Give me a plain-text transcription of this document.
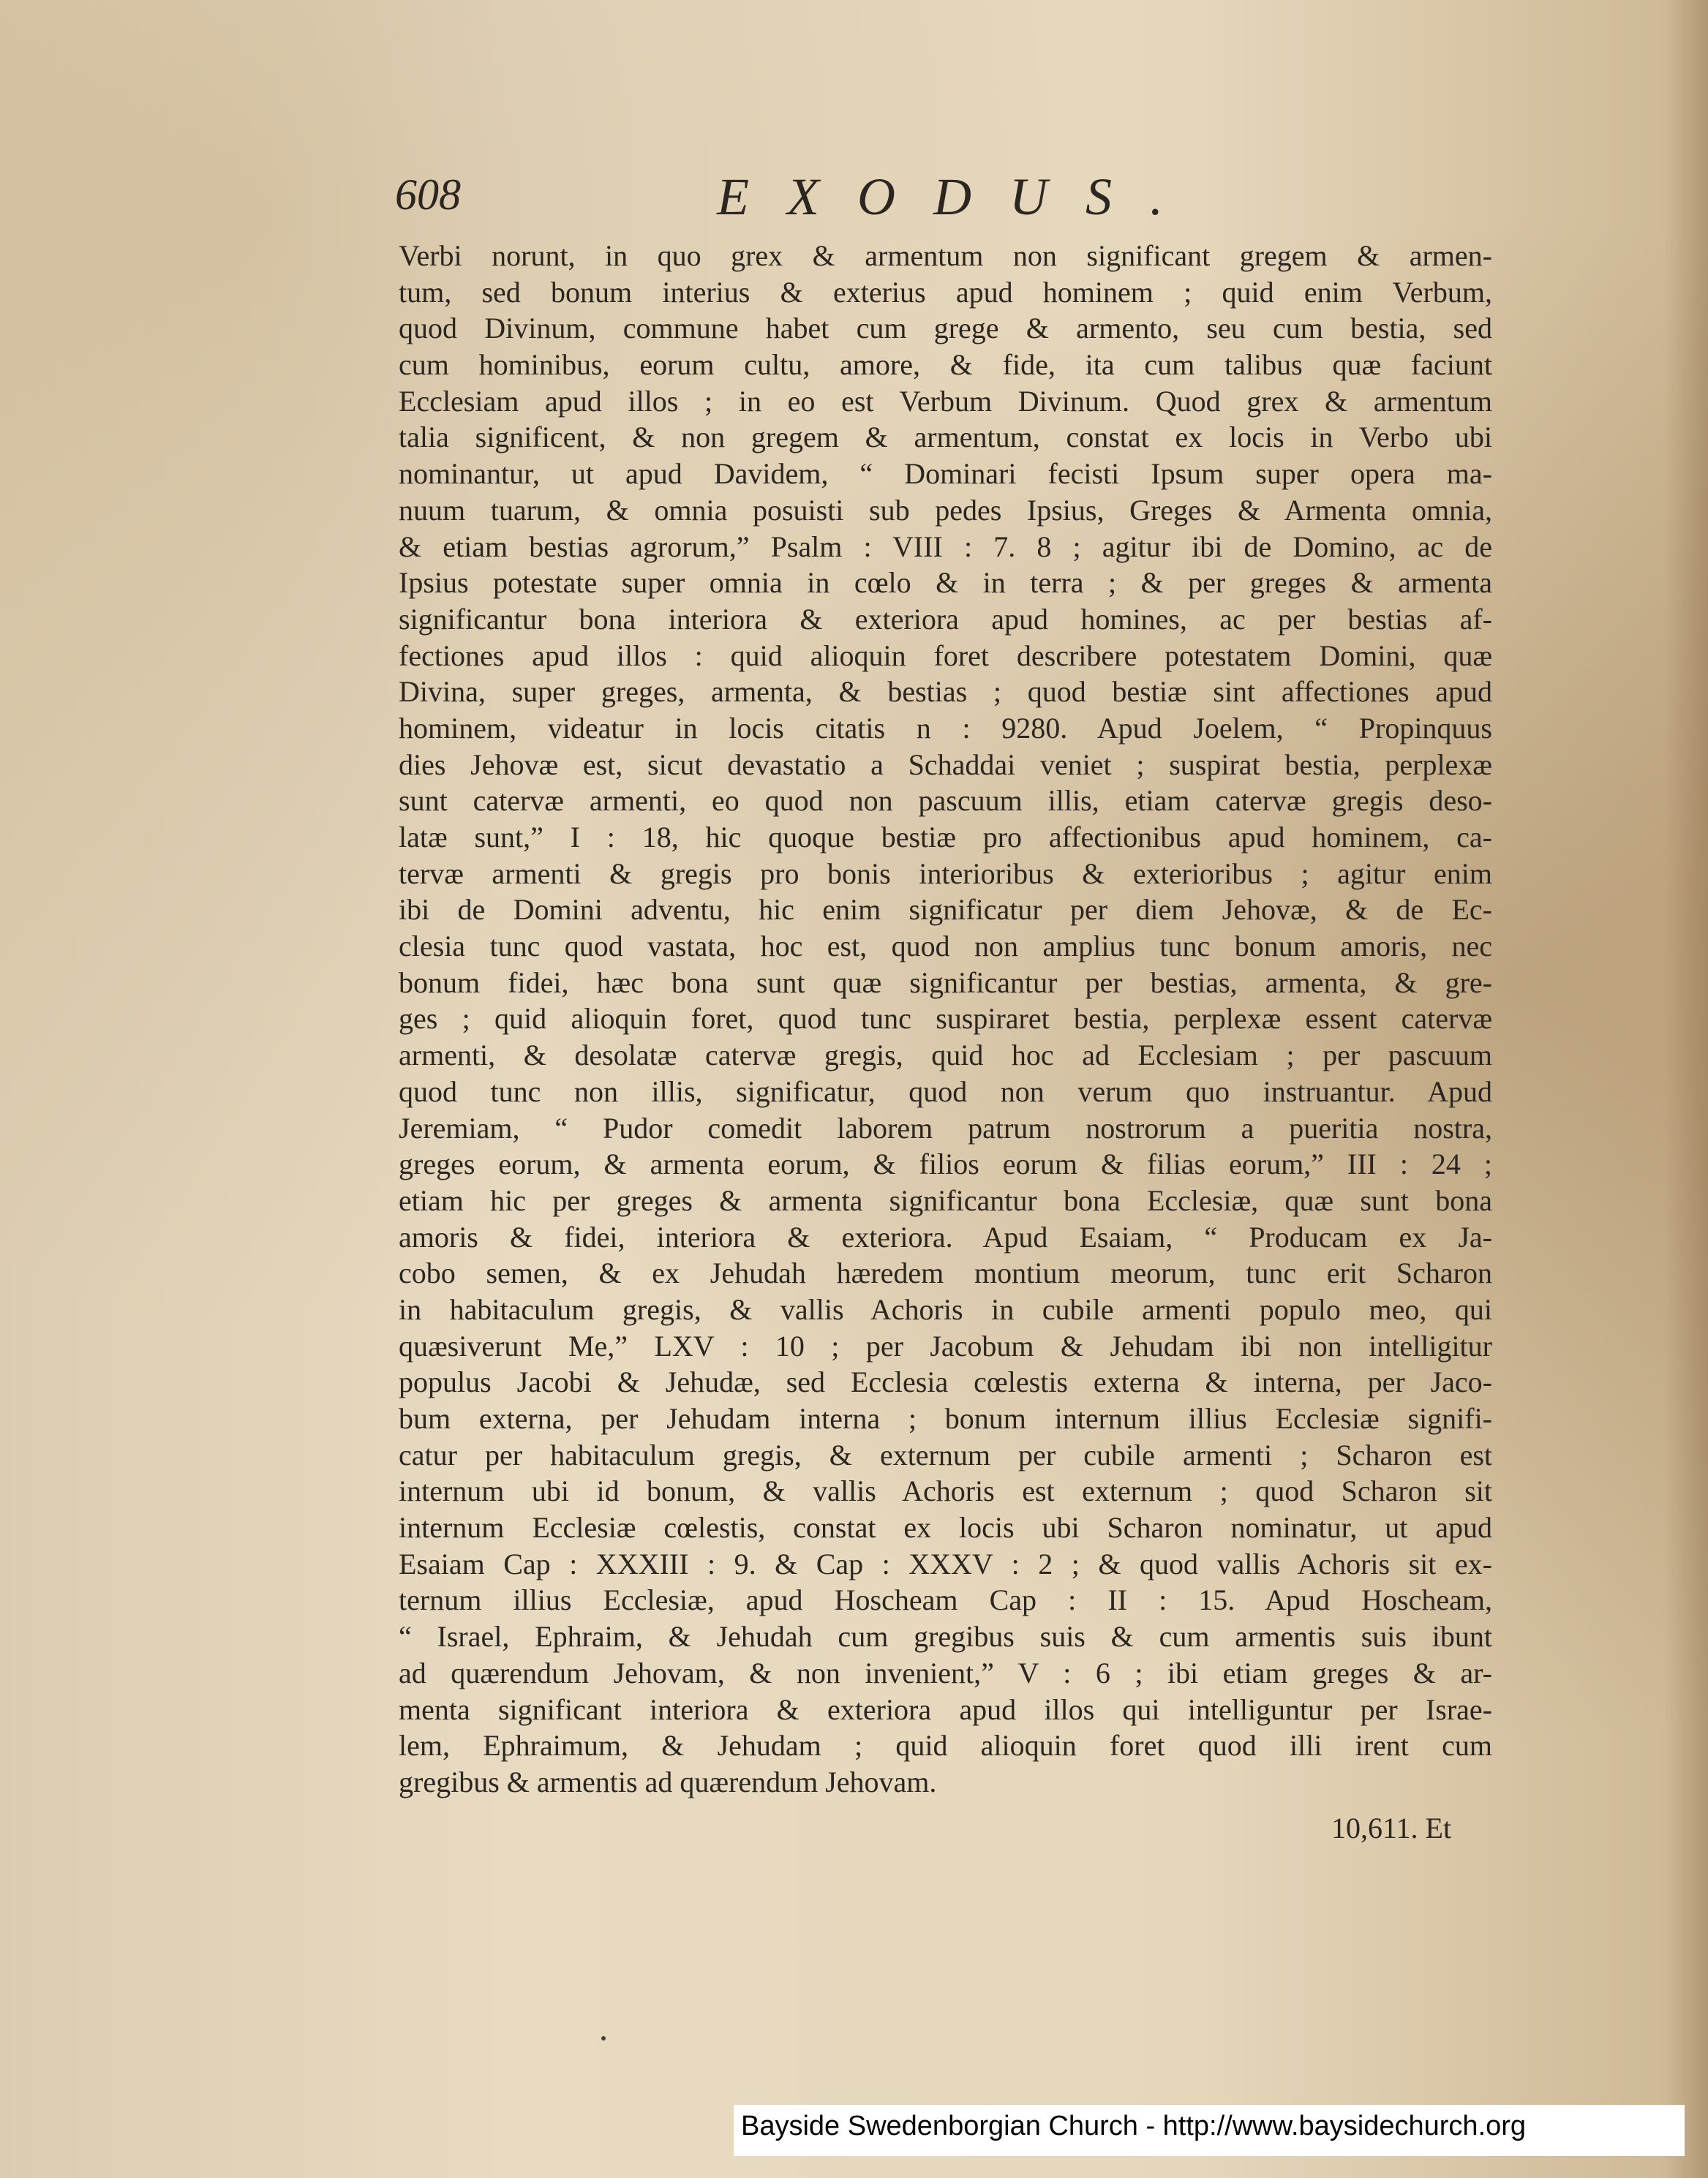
608	EXODUS.
Verbi norunt, in quo grex & armentum non significant gregem & armen-
tum, sed bonum interius & exterius apud hominem ; quid enim Verbum,
quod Divinum, commune habet cum grege & armento, seu cum bestia, sed
cum hominibus, eorum cultu, amore, & fide, ita cum talibus quæ faciunt
Ecclesiam apud illos ; in eo est Verbum Divinum. Quod grex & armentum
talia significent, & non gregem & armentum, constat ex locis in Verbo ubi
nominantur, ut apud Davidem, “ Dominari fecisti Ipsum super opera ma-
nuum tuarum, & omnia posuisti sub pedes Ipsius, Greges & Armenta omnia,
& etiam bestias agrorum,” Psalm : VIII : 7. 8 ; agitur ibi de Domino, ac de
Ipsius potestate super omnia in cœlo & in terra ; & per greges & armenta
significantur bona interiora & exteriora apud homines, ac per bestias af-
fectiones apud illos : quid alioquin foret describere potestatem Domini, quæ
Divina, super greges, armenta, & bestias ; quod bestiæ sint affectiones apud
hominem, videatur in locis citatis n : 9280. Apud Joelem, “ Propinquus
dies Jehovæ est, sicut devastatio a Schaddai veniet ; suspirat bestia, perplexæ
sunt catervæ armenti, eo quod non pascuum illis, etiam catervæ gregis deso-
latæ sunt,” I : 18, hic quoque bestiæ pro affectionibus apud hominem, ca-
tervæ armenti & gregis pro bonis interioribus & exterioribus ; agitur enim
ibi de Domini adventu, hic enim significatur per diem Jehovæ, & de Ec-
clesia tunc quod vastata, hoc est, quod non amplius tunc bonum amoris, nec
bonum fidei, hæc bona sunt quæ significantur per bestias, armenta, & gre-
ges ; quid alioquin foret, quod tunc suspiraret bestia, perplexæ essent catervæ
armenti, & desolatæ catervæ gregis, quid hoc ad Ecclesiam ; per pascuum
quod tunc non illis, significatur, quod non verum quo instruantur. Apud
Jeremiam, “ Pudor comedit laborem patrum nostrorum a pueritia nostra,
greges eorum, & armenta eorum, & filios eorum & filias eorum,” III : 24 ;
etiam hic per greges & armenta significantur bona Ecclesiæ, quæ sunt bona
amoris & fidei, interiora & exteriora. Apud Esaiam, “ Producam ex Ja-
cobo semen, & ex Jehudah hæredem montium meorum, tunc erit Scharon
in habitaculum gregis, & vallis Achoris in cubile armenti populo meo, qui
quæsiverunt Me,” LXV : 10 ; per Jacobum & Jehudam ibi non intelligitur
populus Jacobi & Jehudæ, sed Ecclesia cœlestis externa & interna, per Jaco-
bum externa, per Jehudam interna ; bonum internum illius Ecclesiæ signifi-
catur per habitaculum gregis, & externum per cubile armenti ; Scharon est
internum ubi id bonum, & vallis Achoris est externum ; quod Scharon sit
internum Ecclesiæ cœlestis, constat ex locis ubi Scharon nominatur, ut apud
Esaiam Cap : XXXIII : 9. & Cap : XXXV : 2 ; & quod vallis Achoris sit ex-
ternum illius Ecclesiæ, apud Hoscheam Cap : II : 15. Apud Hoscheam,
“ Israel, Ephraim, & Jehudah cum gregibus suis & cum armentis suis ibunt
ad quærendum Jehovam, & non invenient,” V : 6 ; ibi etiam greges & ar-
menta significant interiora & exteriora apud illos qui intelliguntur per Israe-
lem, Ephraimum, & Jehudam ; quid alioquin foret quod illi irent cum
gregibus & armentis ad quærendum Jehovam.
10,611. Et
Bayside Swedenborgian Church - http://www.baysidechurch.org
